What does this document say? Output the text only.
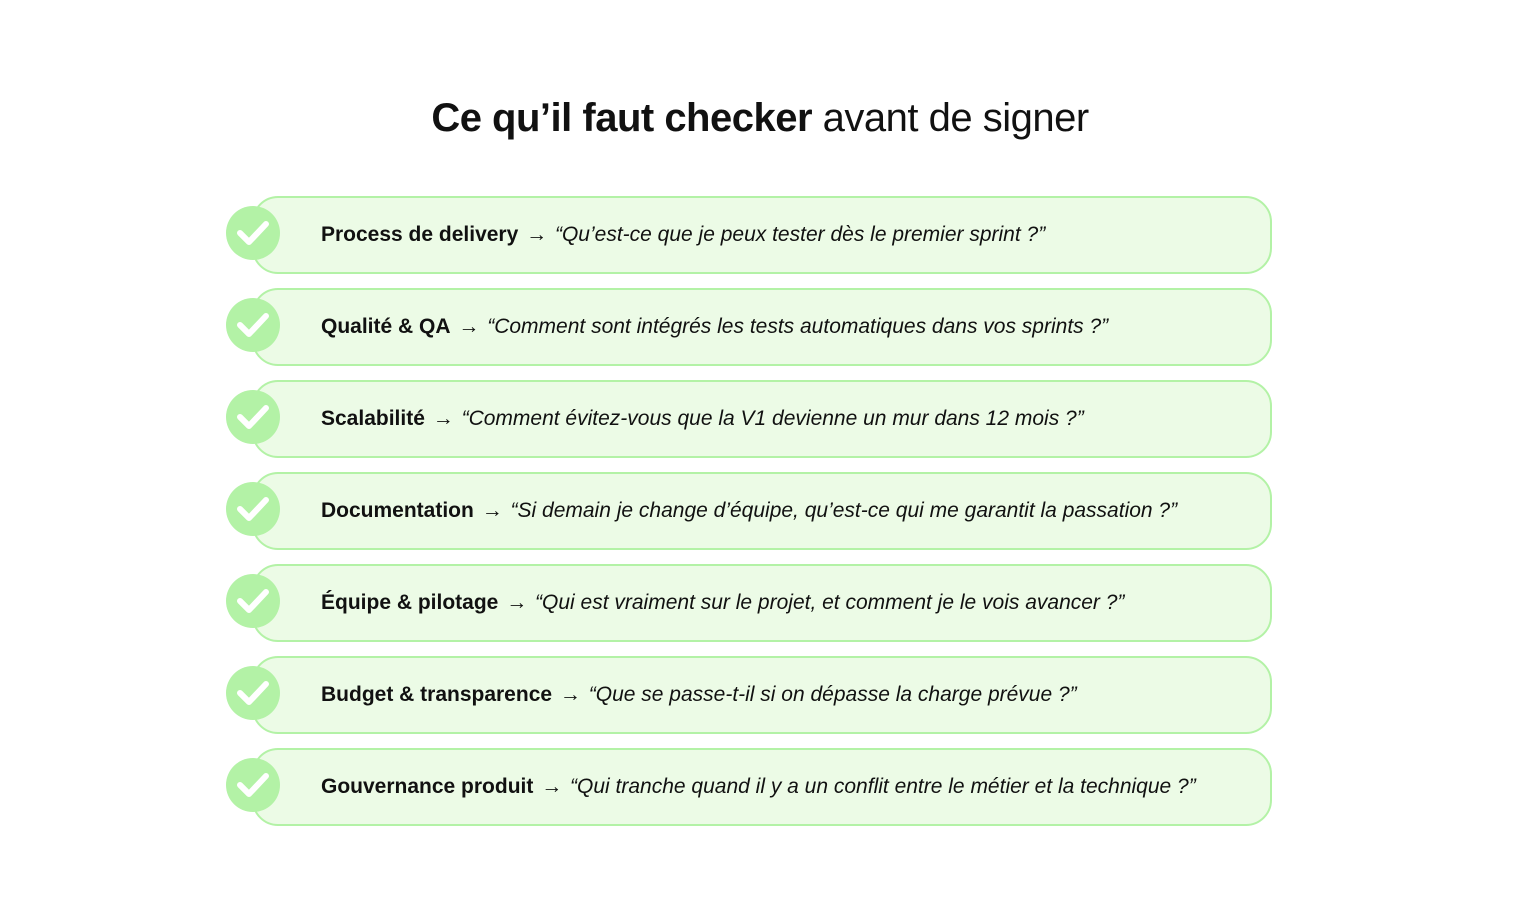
Ce qu’il faut checker avant de signer
Process de delivery → “Qu’est-ce que je peux tester dès le premier sprint ?”
Qualité & QA → “Comment sont intégrés les tests automatiques dans vos sprints ?”
Scalabilité → “Comment évitez-vous que la V1 devienne un mur dans 12 mois ?”
Documentation → “Si demain je change d’équipe, qu’est-ce qui me garantit la passation ?”
Équipe & pilotage → “Qui est vraiment sur le projet, et comment je le vois avancer ?”
Budget & transparence → “Que se passe-t-il si on dépasse la charge prévue ?”
Gouvernance produit → “Qui tranche quand il y a un conflit entre le métier et la technique ?”
